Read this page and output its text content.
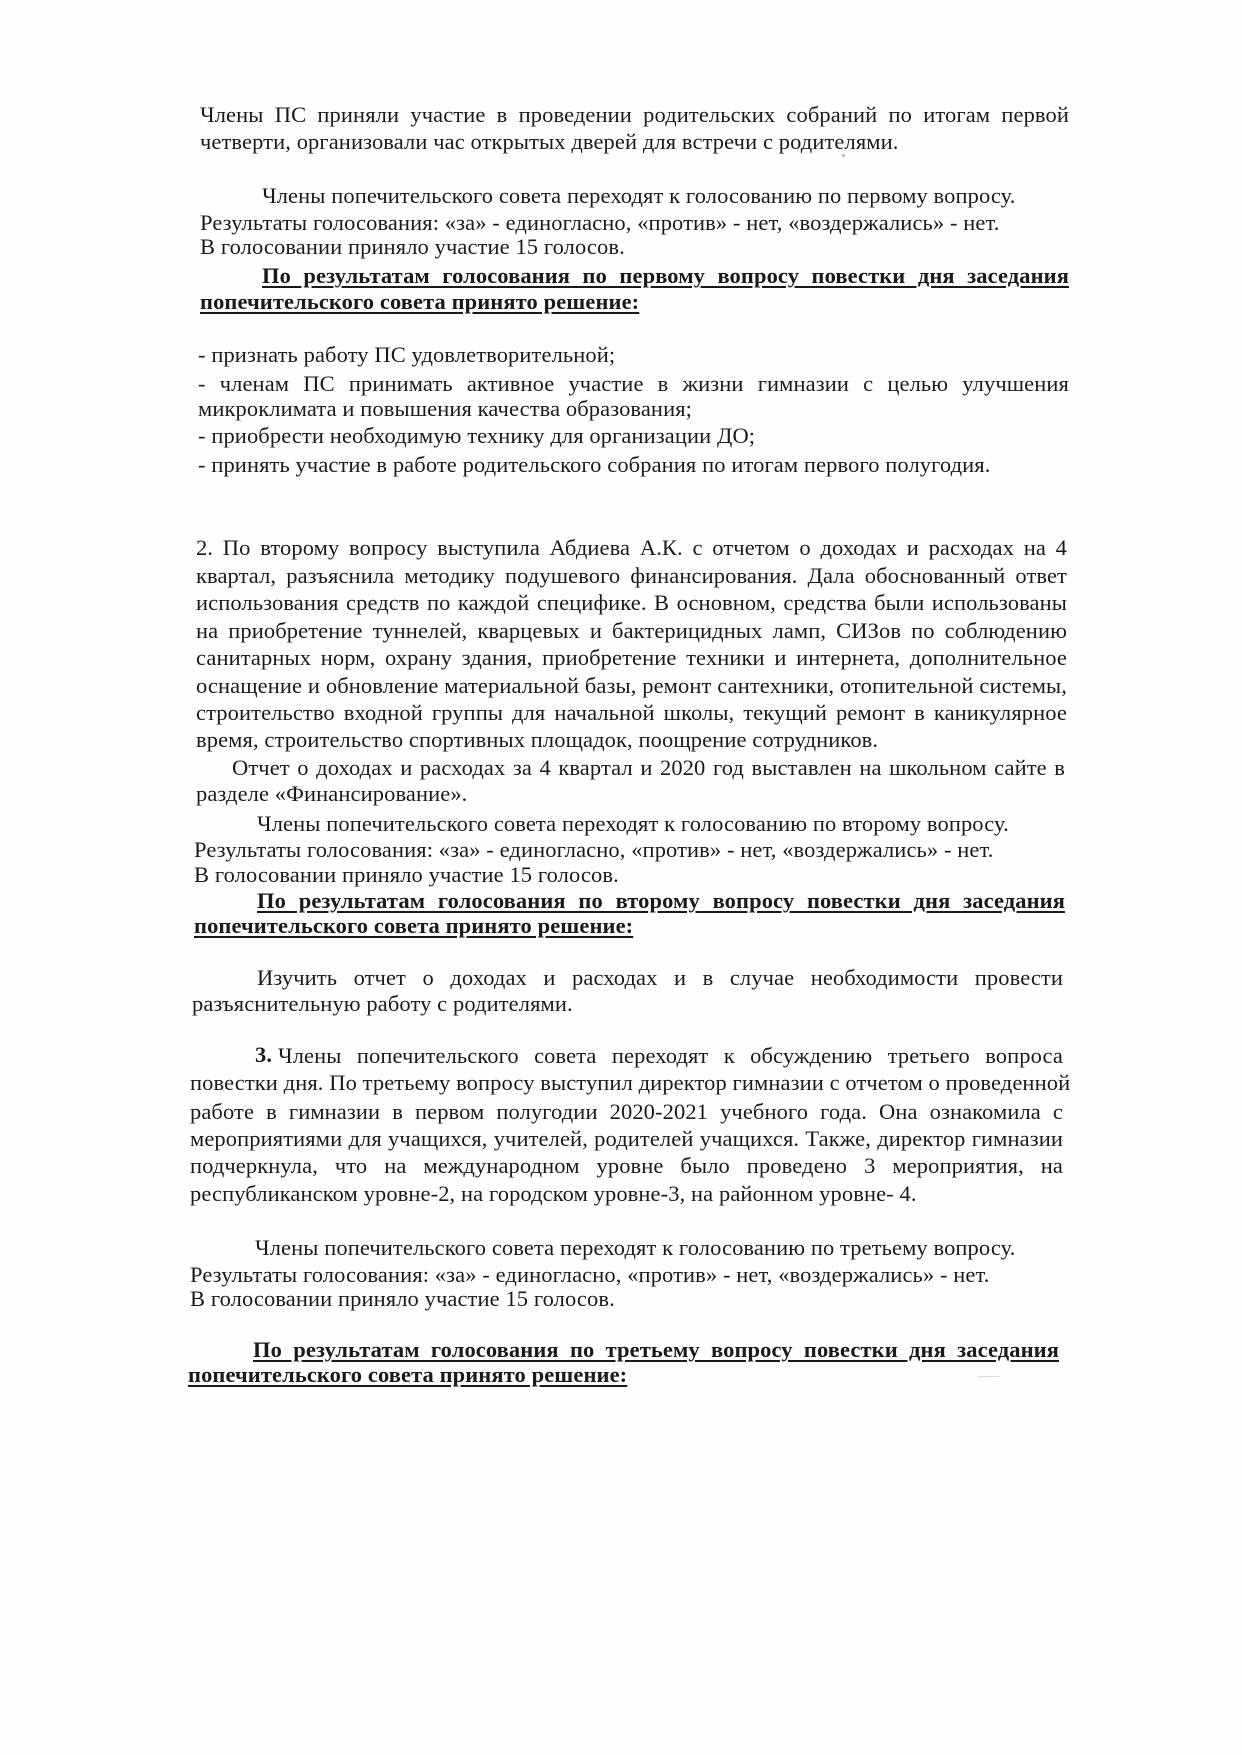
Члены ПС приняли участие в проведении родительских собраний по итогам первой
четверти, организовали час открытых дверей для встречи с родителями.
Члены попечительского совета переходят к голосованию по первому вопросу.
Результаты голосования: «за» - единогласно, «против» - нет, «воздержались» - нет.
В голосовании приняло участие 15 голосов.
По результатам голосования по первому вопросу повестки дня заседания
попечительского совета принято решение:
- признать работу ПС удовлетворительной;
- членам ПС принимать активное участие в жизни гимназии с целью улучшения
микроклимата и повышения качества образования;
- приобрести необходимую технику для организации ДО;
- принять участие в работе родительского собрания по итогам первого полугодия.
2. По второму вопросу выступила Абдиева А.К. с отчетом о доходах и расходах на 4
квартал, разъяснила методику подушевого финансирования. Дала обоснованный ответ
использования средств по каждой специфике. В основном, средства были использованы
на приобретение туннелей, кварцевых и бактерицидных ламп, СИЗов по соблюдению
санитарных норм, охрану здания, приобретение техники и интернета, дополнительное
оснащение и обновление материальной базы, ремонт сантехники, отопительной системы,
строительство входной группы для начальной школы, текущий ремонт в каникулярное
время, строительство спортивных площадок, поощрение сотрудников.
Отчет о доходах и расходах за 4 квартал и 2020 год выставлен на школьном сайте в
разделе «Финансирование».
Члены попечительского совета переходят к голосованию по второму вопросу.
Результаты голосования: «за» - единогласно, «против» - нет, «воздержались» - нет.
В голосовании приняло участие 15 голосов.
По результатам голосования по второму вопросу повестки дня заседания
попечительского совета принято решение:
Изучить отчет о доходах и расходах и в случае необходимости провести
разъяснительную работу с родителями.
3. Члены попечительского совета переходят к обсуждению третьего вопроса
повестки дня. По третьему вопросу выступил директор гимназии с отчетом о проведенной
работе в гимназии в первом полугодии 2020-2021 учебного года. Она ознакомила с
мероприятиями для учащихся, учителей, родителей учащихся. Также, директор гимназии
подчеркнула, что на международном уровне было проведено 3 мероприятия, на
республиканском уровне-2, на городском уровне-3, на районном уровне- 4.
Члены попечительского совета переходят к голосованию по третьему вопросу.
Результаты голосования: «за» - единогласно, «против» - нет, «воздержались» - нет.
В голосовании приняло участие 15 голосов.
По результатам голосования по третьему вопросу повестки дня заседания
попечительского совета принято решение:
